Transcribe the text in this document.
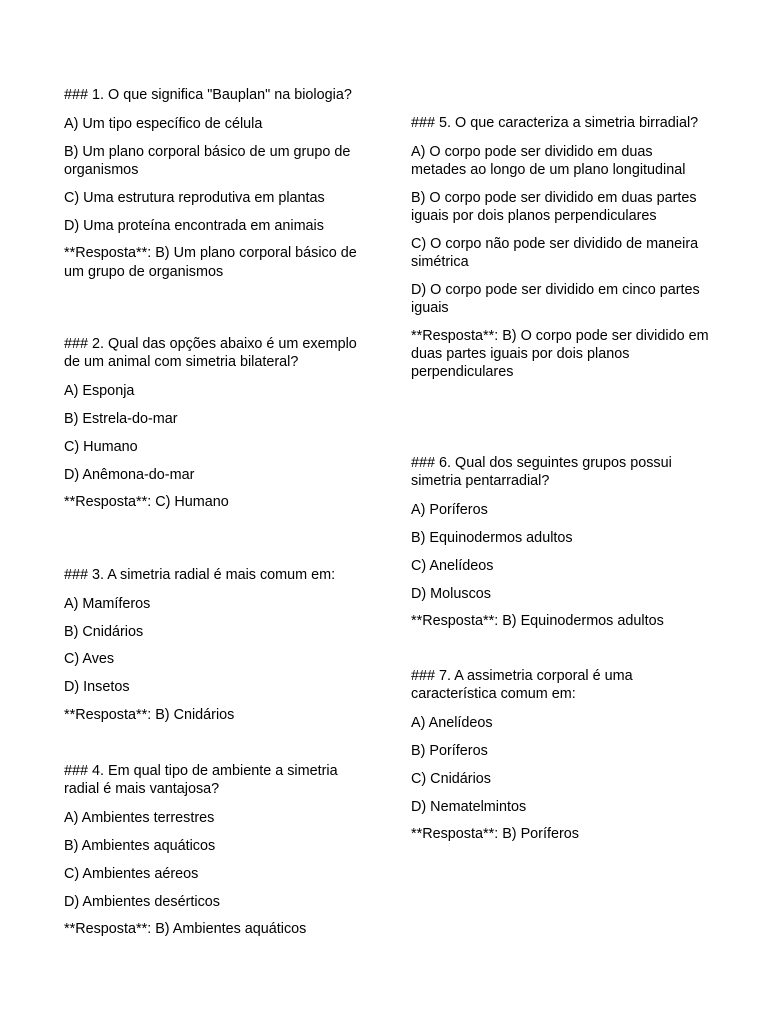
### 1. O que significa "Bauplan" na biologia?

A) Um tipo específico de célula

B) Um plano corporal básico de um grupo de organismos

C) Uma estrutura reprodutiva em plantas

D) Uma proteína encontrada em animais

**Resposta**: B) Um plano corporal básico de um grupo de organismos

### 2. Qual das opções abaixo é um exemplo de um animal com simetria bilateral?

A) Esponja

B) Estrela-do-mar

C) Humano

D) Anêmona-do-mar

**Resposta**: C) Humano

### 3. A simetria radial é mais comum em:

A) Mamíferos

B) Cnidários

C) Aves

D) Insetos

**Resposta**: B) Cnidários

### 4. Em qual tipo de ambiente a simetria radial é mais vantajosa?

A) Ambientes terrestres

B) Ambientes aquáticos

C) Ambientes aéreos

D) Ambientes desérticos

**Resposta**: B) Ambientes aquáticos

### 5. O que caracteriza a simetria birradial?

A) O corpo pode ser dividido em duas metades ao longo de um plano longitudinal

B) O corpo pode ser dividido em duas partes iguais por dois planos perpendiculares

C) O corpo não pode ser dividido de maneira simétrica

D) O corpo pode ser dividido em cinco partes iguais

**Resposta**: B) O corpo pode ser dividido em duas partes iguais por dois planos perpendiculares

### 6. Qual dos seguintes grupos possui simetria pentarradial?

A) Poríferos

B) Equinodermos adultos

C) Anelídeos

D) Moluscos

**Resposta**: B) Equinodermos adultos

### 7. A assimetria corporal é uma característica comum em:

A) Anelídeos

B) Poríferos

C) Cnidários

D) Nematelmintos

**Resposta**: B) Poríferos
